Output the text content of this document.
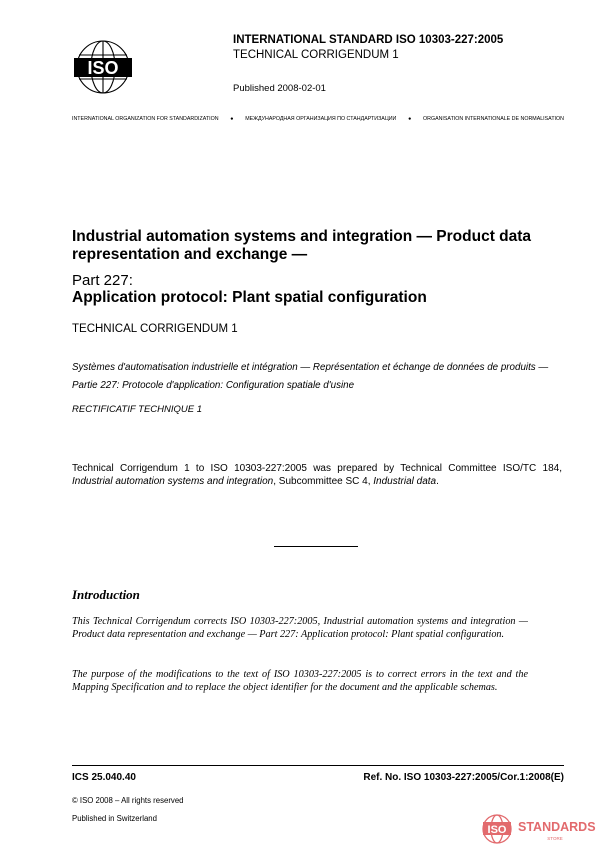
ISO
INTERNATIONAL STANDARD ISO 10303-227:2005
TECHNICAL CORRIGENDUM 1
Published 2008-02-01
INTERNATIONAL ORGANIZATION FOR STANDARDIZATION ● МЕЖДУНАРОДНАЯ ОРГАНИЗАЦИЯ ПО СТАНДАРТИЗАЦИИ ● ORGANISATION INTERNATIONALE DE NORMALISATION
Industrial automation systems and integration — Product data representation and exchange —
Part 227:
Application protocol: Plant spatial configuration
TECHNICAL CORRIGENDUM 1
Systèmes d'automatisation industrielle et intégration — Représentation et échange de données de produits —
Partie 227: Protocole d'application: Configuration spatiale d'usine
RECTIFICATIF TECHNIQUE 1
Technical Corrigendum 1 to ISO 10303-227:2005 was prepared by Technical Committee ISO/TC 184, Industrial automation systems and integration, Subcommittee SC 4, Industrial data.
Introduction
This Technical Corrigendum corrects ISO 10303-227:2005, Industrial automation systems and integration — Product data representation and exchange — Part 227: Application protocol: Plant spatial configuration.
The purpose of the modifications to the text of ISO 10303-227:2005 is to correct errors in the text and the Mapping Specification and to replace the object identifier for the document and the applicable schemas.
ICS 25.040.40	Ref. No. ISO 10303-227:2005/Cor.1:2008(E)
© ISO 2008 – All rights reserved
Published in Switzerland
ISO STANDARDS
STORE
